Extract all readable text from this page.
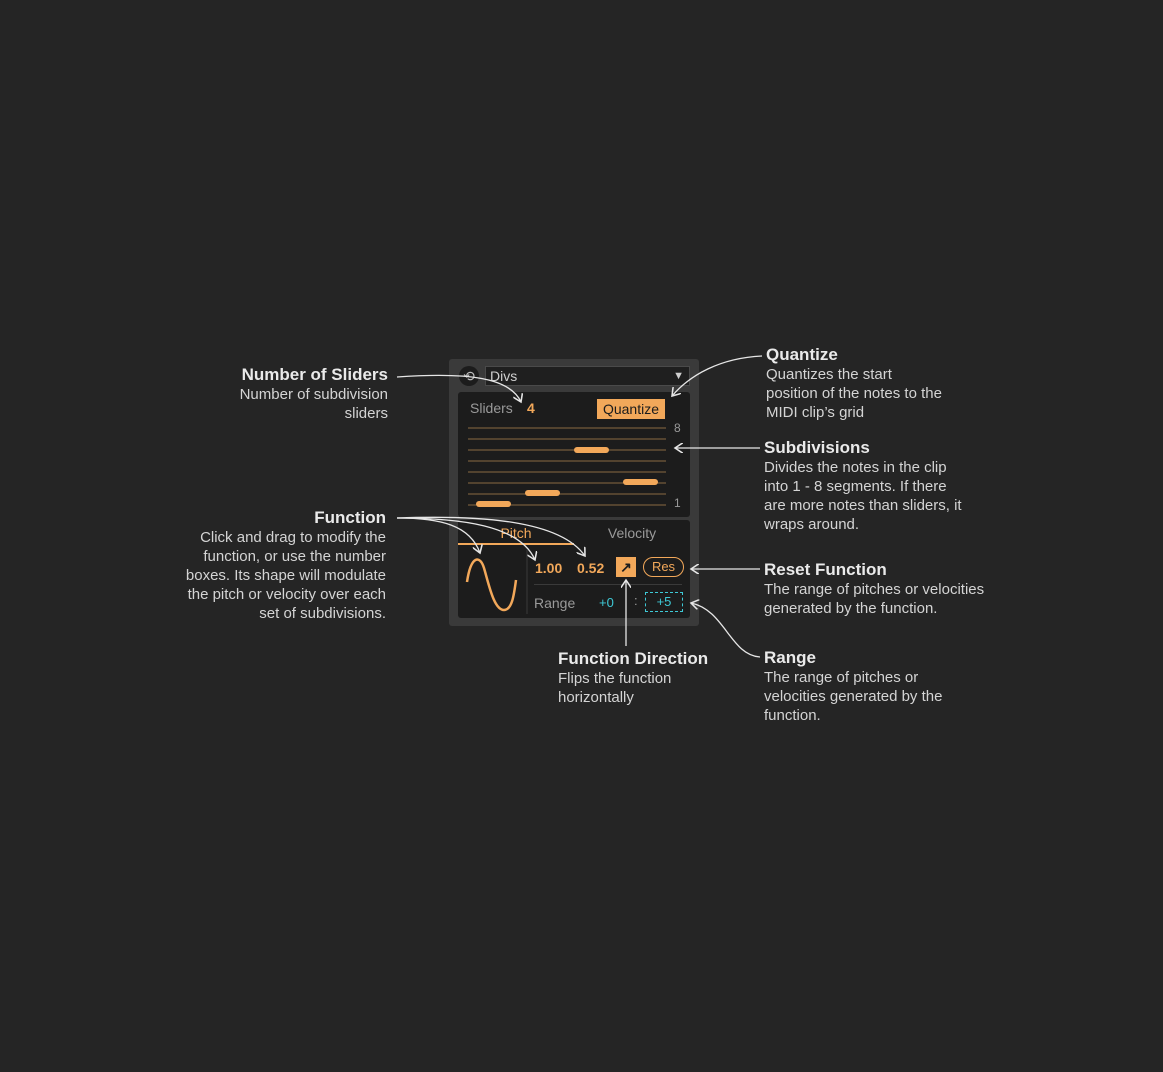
⟲	Divs	▼
Sliders 4	Quantize
8
1
Pitch	Velocity
1.00 0.52 ↗	Res
Range +0 :	+5
Number of Sliders
Number of subdivision
sliders
Function
Click and drag to modify the
function, or use the number
boxes. Its shape will modulate
the pitch or velocity over each
set of subdivisions.
Quantize
Quantizes the start
position of the notes to the
MIDI clip’s grid
Subdivisions
Divides the notes in the clip
into 1 - 8 segments. If there
are more notes than sliders, it
wraps around.
Reset Function
The range of pitches or velocities
generated by the function.
Function Direction
Flips the function
horizontally
Range
The range of pitches or
velocities generated by the
function.
